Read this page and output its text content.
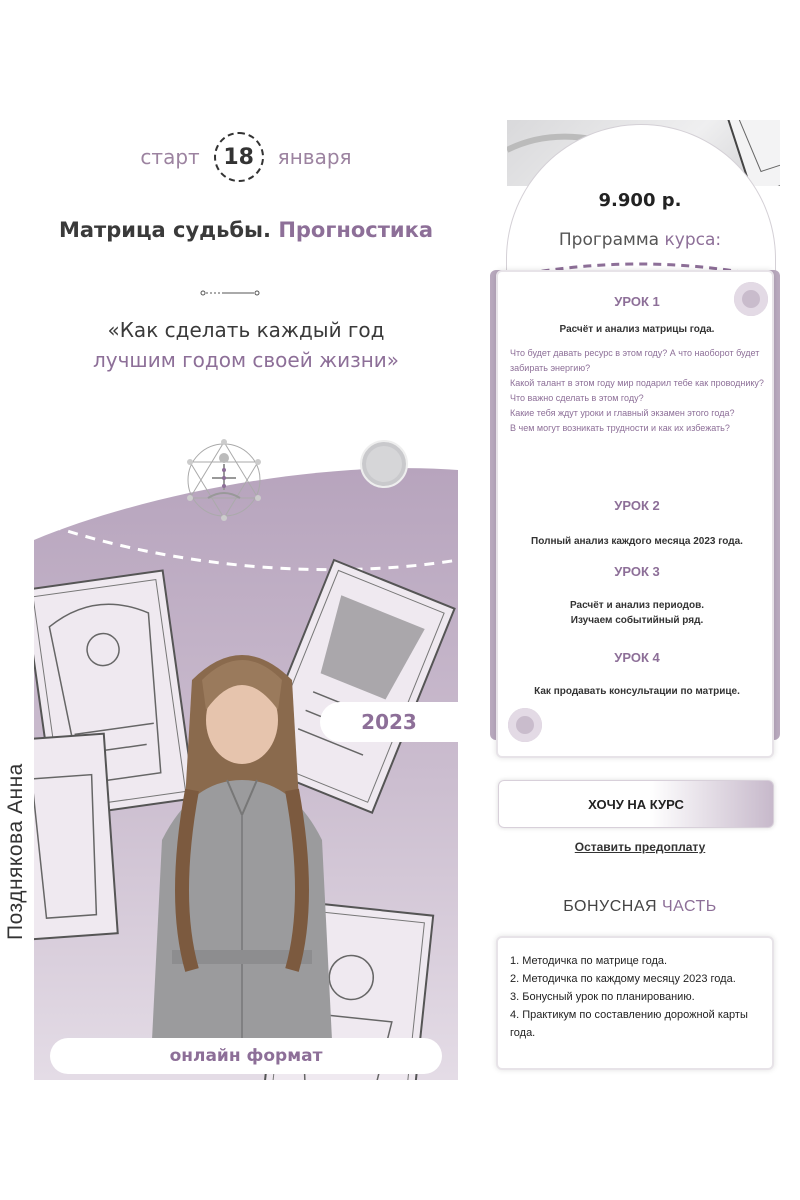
старт	18	января
Матрица судьбы. Прогностика
«Как сделать каждый год
лучшим годом своей жизни»
2023
онлайн формат
Позднякова Анна
9.900 р.
Программа курса:
УРОК 1
Расчёт и анализ матрицы года.
Что будет давать ресурс в этом году? А что наоборот будет забирать энергию?
Какой талант в этом году мир подарил тебе как проводнику?
Что важно сделать в этом году?
Какие тебя ждут уроки и главный экзамен этого года?
В чем могут возникать трудности и как их избежать?
УРОК 2
Полный анализ каждого месяца 2023 года.
УРОК 3
Расчёт и анализ периодов. Изучаем событийный ряд.
УРОК 4
Как продавать консультации по матрице.
ХОЧУ НА КУРС
Оставить предоплату
БОНУСНАЯ ЧАСТЬ
1. Методичка по матрице года.
2. Методичка по каждому месяцу 2023 года.
3. Бонусный урок по планированию.
4. Практикум по составлению дорожной карты года.
